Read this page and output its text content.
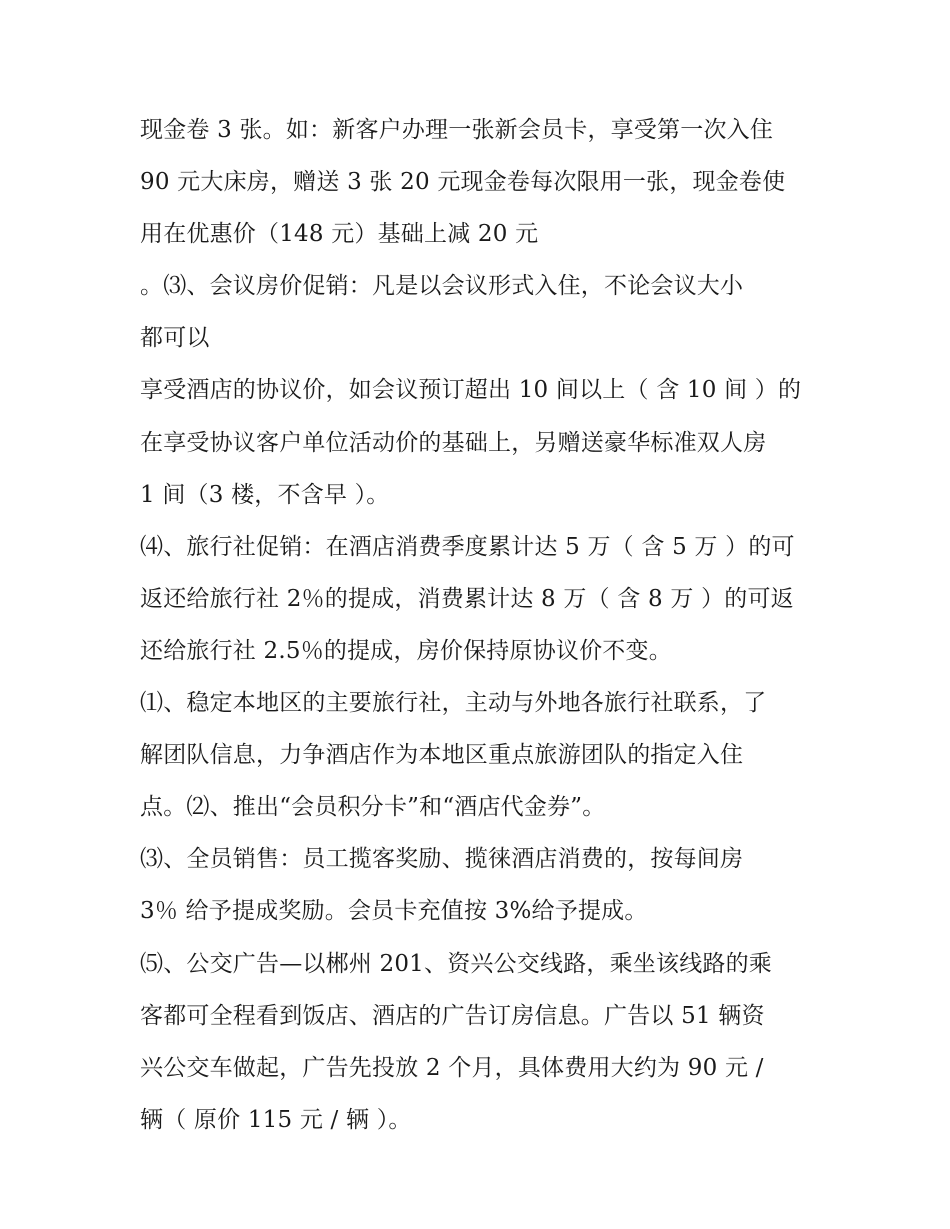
现金卷 3 张。如：新客户办理一张新会员卡，享受第一次入住
90 元大床房，赠送 3 张 20 元现金卷每次限用一张，现金卷使
用在优惠价（148 元）基础上减 20 元
。⑶、会议房价促销：凡是以会议形式入住，不论会议大小
都可以
享受酒店的协议价，如会议预订超出 10 间以上（ 含 10 间 ）的
在享受协议客户单位活动价的基础上，另赠送豪华标准双人房
1 间（3 楼，不含早 ）。
⑷、旅行社促销：在酒店消费季度累计达 5 万（ 含 5 万 ）的可
返还给旅行社 2％的提成，消费累计达 8 万（ 含 8 万 ）的可返
还给旅行社 2.5％的提成，房价保持原协议价不变。
⑴、稳定本地区的主要旅行社，主动与外地各旅行社联系，了
解团队信息，力争酒店作为本地区重点旅游团队的指定入住
点。⑵、推出“会员积分卡”和“酒店代金券”。
⑶、全员销售：员工揽客奖励、揽徕酒店消费的，按每间房
3％ 给予提成奖励。会员卡充值按 3%给予提成。
⑸、公交广告—以郴州 201、资兴公交线路，乘坐该线路的乘
客都可全程看到饭店、酒店的广告订房信息。广告以 51 辆资
兴公交车做起，广告先投放 2 个月，具体费用大约为 90 元 /
辆（ 原价 115 元 / 辆 ）。
